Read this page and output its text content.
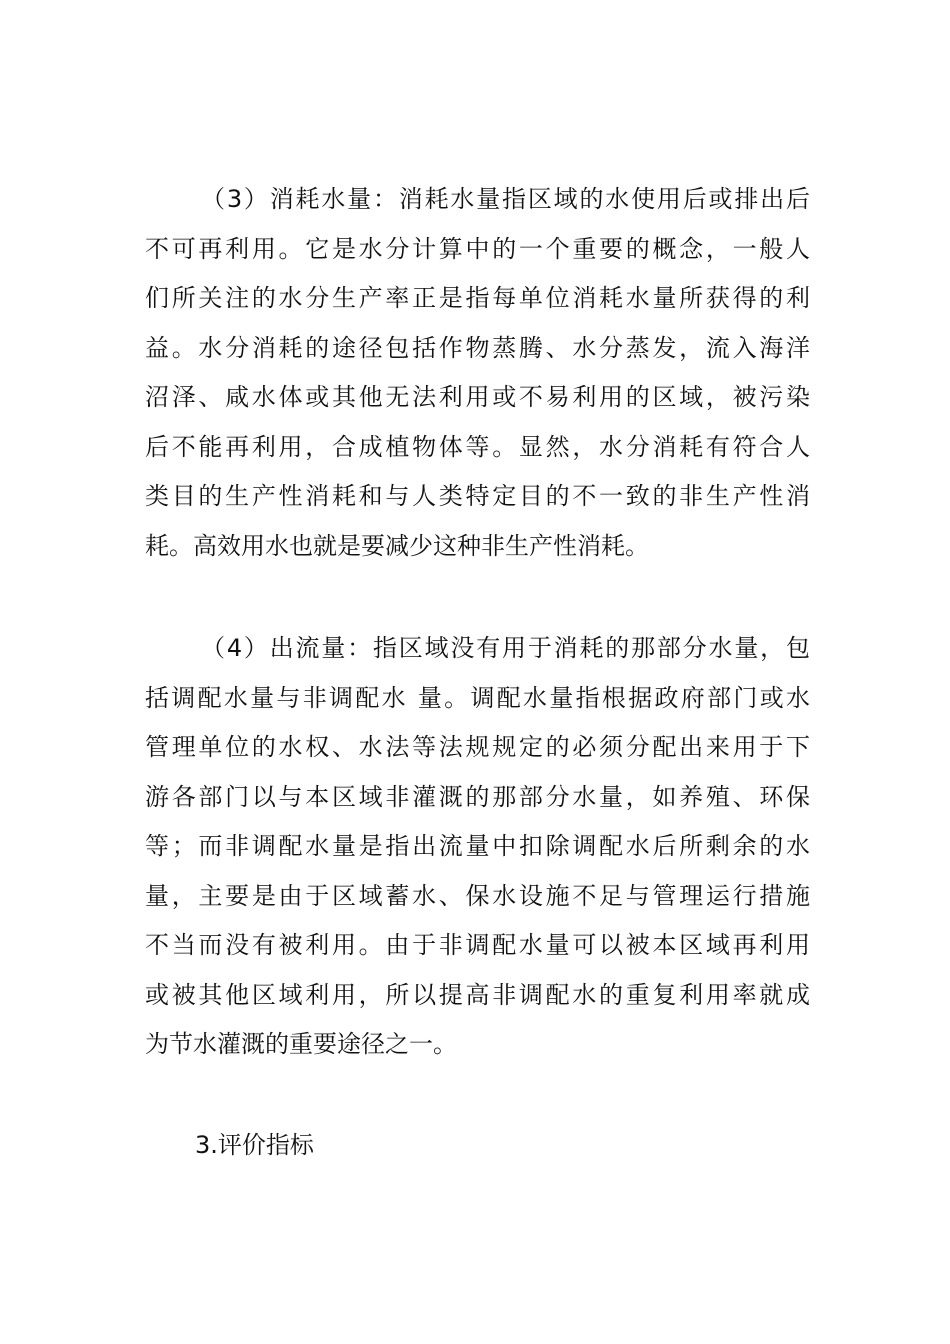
（3）消耗水量：消耗水量指区域的水使用后或排出后
不可再利用。它是水分计算中的一个重要的概念，一般人
们所关注的水分生产率正是指每单位消耗水量所获得的利
益。水分消耗的途径包括作物蒸腾、水分蒸发，流入海洋
沼泽、咸水体或其他无法利用或不易利用的区域，被污染
后不能再利用，合成植物体等。显然，水分消耗有符合人
类目的生产性消耗和与人类特定目的不一致的非生产性消
耗。高效用水也就是要减少这种非生产性消耗。
（4）出流量：指区域没有用于消耗的那部分水量，包
括调配水量与非调配水 量。调配水量指根据政府部门或水
管理单位的水权、水法等法规规定的必须分配出来用于下
游各部门以与本区域非灌溉的那部分水量，如养殖、环保
等；而非调配水量是指出流量中扣除调配水后所剩余的水
量，主要是由于区域蓄水、保水设施不足与管理运行措施
不当而没有被利用。由于非调配水量可以被本区域再利用
或被其他区域利用，所以提高非调配水的重复利用率就成
为节水灌溉的重要途径之一。
3.评价指标
